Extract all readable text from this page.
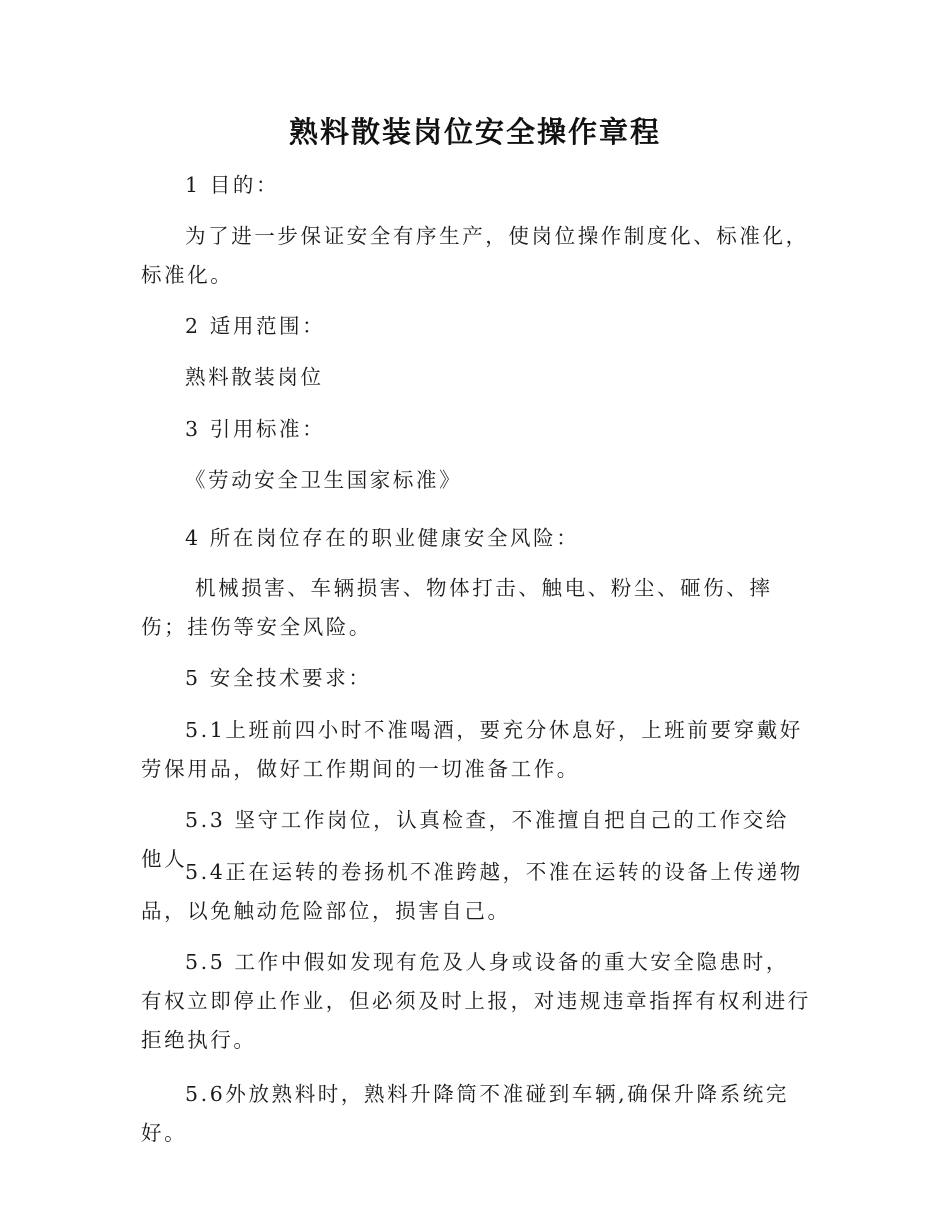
熟料散装岗位安全操作章程

1 目的：

为了进一步保证安全有序生产，使岗位操作制度化、标准化，标准化。

2 适用范围：

熟料散装岗位

3 引用标准：

《劳动安全卫生国家标准》

4 所在岗位存在的职业健康安全风险：

机械损害、车辆损害、物体打击、触电、粉尘、砸伤、摔伤；挂伤等安全风险。

5 安全技术要求：

5.1上班前四小时不准喝酒，要充分休息好，上班前要穿戴好劳保用品，做好工作期间的一切准备工作。

5.3 坚守工作岗位，认真检查，不准擅自把自己的工作交给他人

5.4正在运转的卷扬机不准跨越，不准在运转的设备上传递物品，以免触动危险部位，损害自己。

5.5 工作中假如发现有危及人身或设备的重大安全隐患时，有权立即停止作业，但必须及时上报，对违规违章指挥有权利进行拒绝执行。

5.6外放熟料时，熟料升降筒不准碰到车辆,确保升降系统完好。
